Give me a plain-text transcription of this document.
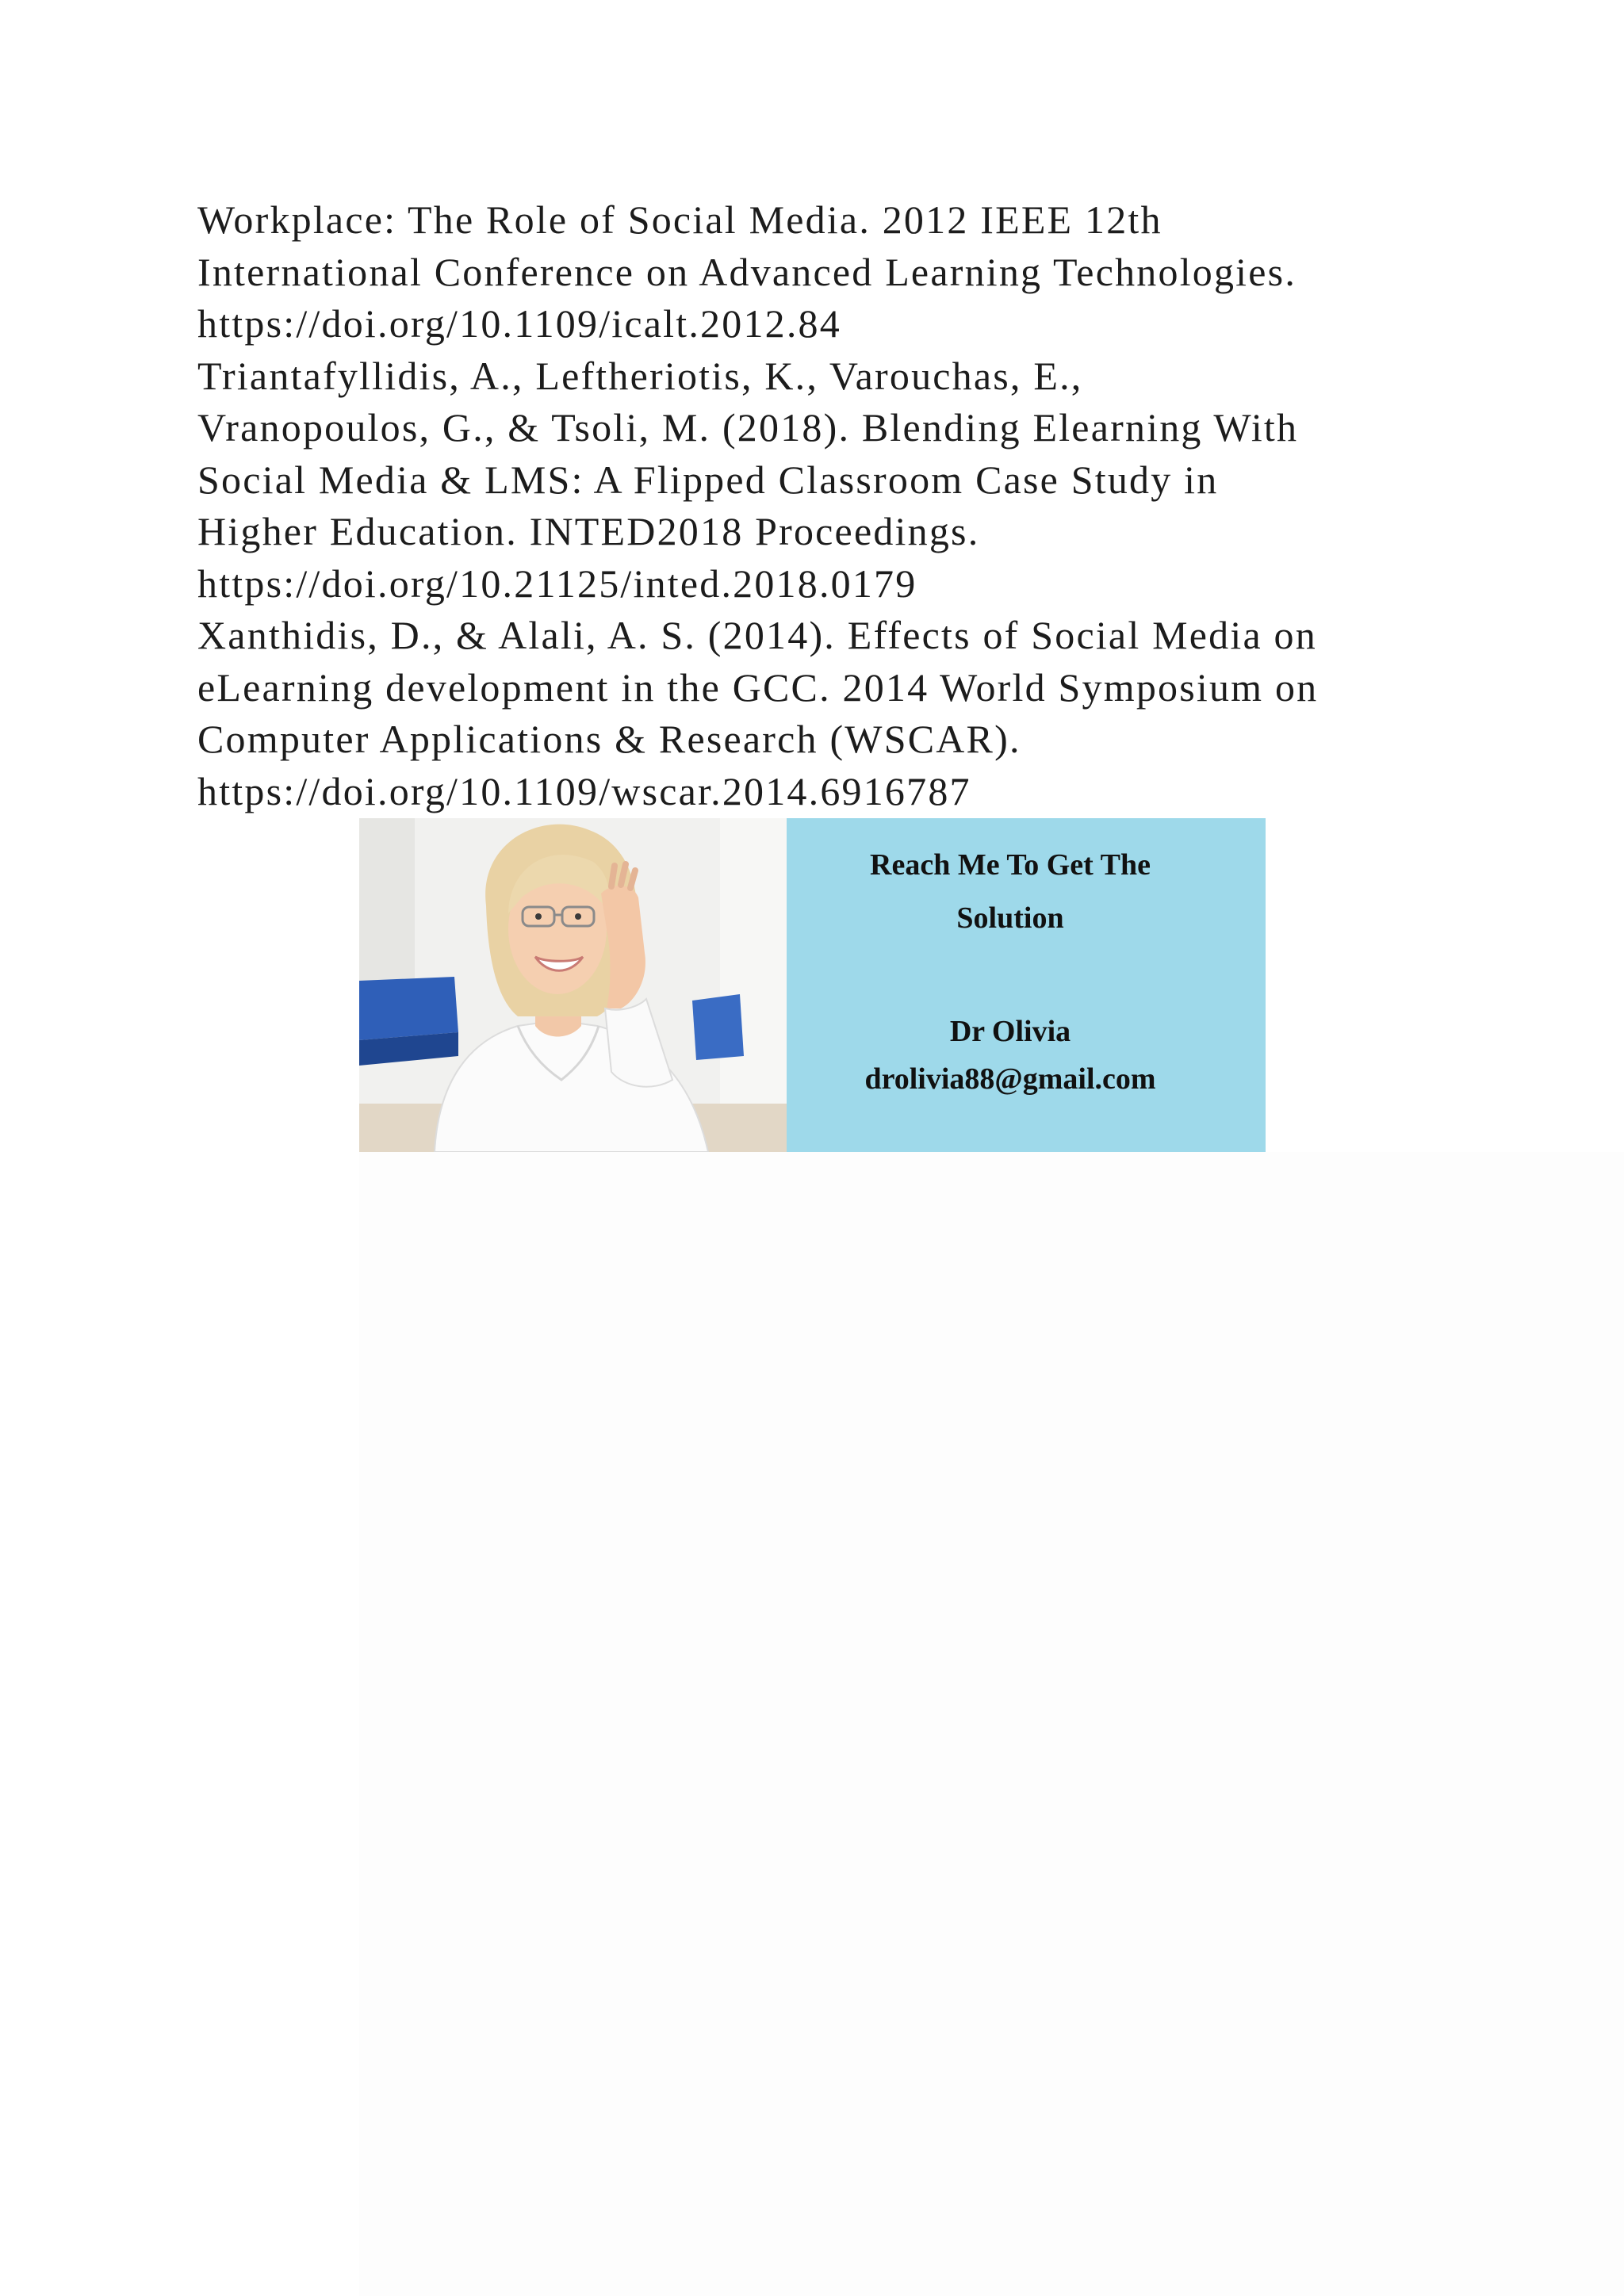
Workplace: The Role of Social Media. 2012 IEEE 12th
International Conference on Advanced Learning Technologies.
https://doi.org/10.1109/icalt.2012.84
Triantafyllidis, A., Leftheriotis, K., Varouchas, E.,
Vranopoulos, G., & Tsoli, M. (2018). Blending Elearning With
Social Media & LMS: A Flipped Classroom Case Study in
Higher Education. INTED2018 Proceedings.
https://doi.org/10.21125/inted.2018.0179
Xanthidis, D., & Alali, A. S. (2014). Effects of Social Media on
eLearning development in the GCC. 2014 World Symposium on
Computer Applications & Research (WSCAR).
https://doi.org/10.1109/wscar.2014.6916787
Reach Me To Get The
Solution
Dr Olivia
drolivia88@gmail.com
